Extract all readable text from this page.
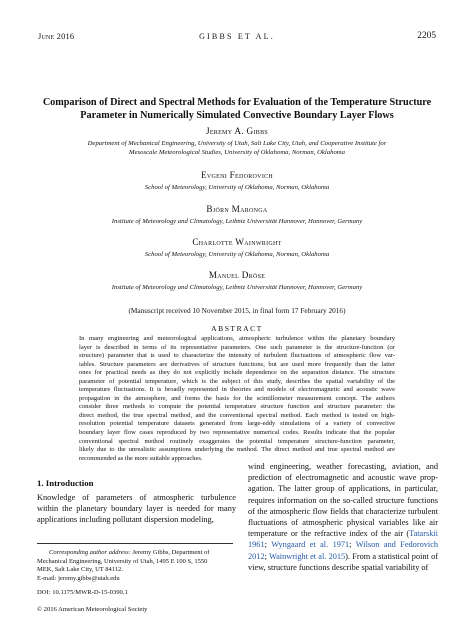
June 2016	GIBBS ET AL.	2205
Comparison of Direct and Spectral Methods for Evaluation of the Temperature Structure
Parameter in Numerically Simulated Convective Boundary Layer Flows
Jeremy A. Gibbs
Department of Mechanical Engineering, University of Utah, Salt Lake City, Utah, and Cooperative Institute for
Mesoscale Meteorological Studies, University of Oklahoma, Norman, Oklahoma
Evgeni Fedorovich
School of Meteorology, University of Oklahoma, Norman, Oklahoma
Björn Maronga
Institute of Meteorology and Climatology, Leibniz Universität Hannover, Hannover, Germany
Charlotte Wainwright
School of Meteorology, University of Oklahoma, Norman, Oklahoma
Manuel Dröse
Institute of Meteorology and Climatology, Leibniz Universität Hannover, Hannover, Germany
(Manuscript received 10 November 2015, in final form 17 February 2016)
ABSTRACT
In many engineering and meteorological applications, atmospheric turbulence within the planetary boundary
layer is described in terms of its representative parameters. One such parameter is the structure-function (or
structure) parameter that is used to characterize the intensity of turbulent fluctuations of atmospheric flow var-
iables. Structure parameters are derivatives of structure functions, but are used more frequently than the latter
ones for practical needs as they do not explicitly include dependence on the separation distance. The structure
parameter of potential temperature, which is the subject of this study, describes the spatial variability of the
temperature fluctuations. It is broadly represented in theories and models of electromagnetic and acoustic wave
propagation in the atmosphere, and forms the basis for the scintillometer measurement concept. The authors
consider three methods to compute the potential temperature structure function and structure parameter: the
direct method, the true spectral method, and the conventional spectral method. Each method is tested on high-
resolution potential temperature datasets generated from large-eddy simulations of a variety of convective
boundary layer flow cases reproduced by two representative numerical codes. Results indicate that the popular
conventional spectral method routinely exaggerates the potential temperature structure-function parameter,
likely due to the unrealistic assumptions underlying the method. The direct method and true spectral method are
recommended as the more suitable approaches.
1. Introduction
Knowledge of parameters of atmospheric turbulence
within the planetary boundary layer is needed for many
applications including pollutant dispersion modeling,
wind engineering, weather forecasting, aviation, and
prediction of electromagnetic and acoustic wave prop-
agation. The latter group of applications, in particular,
requires information on the so-called structure functions
of the atmospheric flow fields that characterize turbulent
fluctuations of atmospheric physical variables like air
temperature or the refractive index of the air (Tatarskii
1961; Wyngaard et al. 1971; Wilson and Fedorovich
2012; Wainwright et al. 2015). From a statistical point of
view, structure functions describe spatial variability of
Corresponding author address: Jeremy Gibbs, Department of
Mechanical Engineering, University of Utah, 1495 E 100 S, 1550
MEK, Salt Lake City, UT 84112.
E-mail: jeremy.gibbs@utah.edu
DOI: 10.1175/MWR-D-15-0390.1
© 2016 American Meteorological Society
